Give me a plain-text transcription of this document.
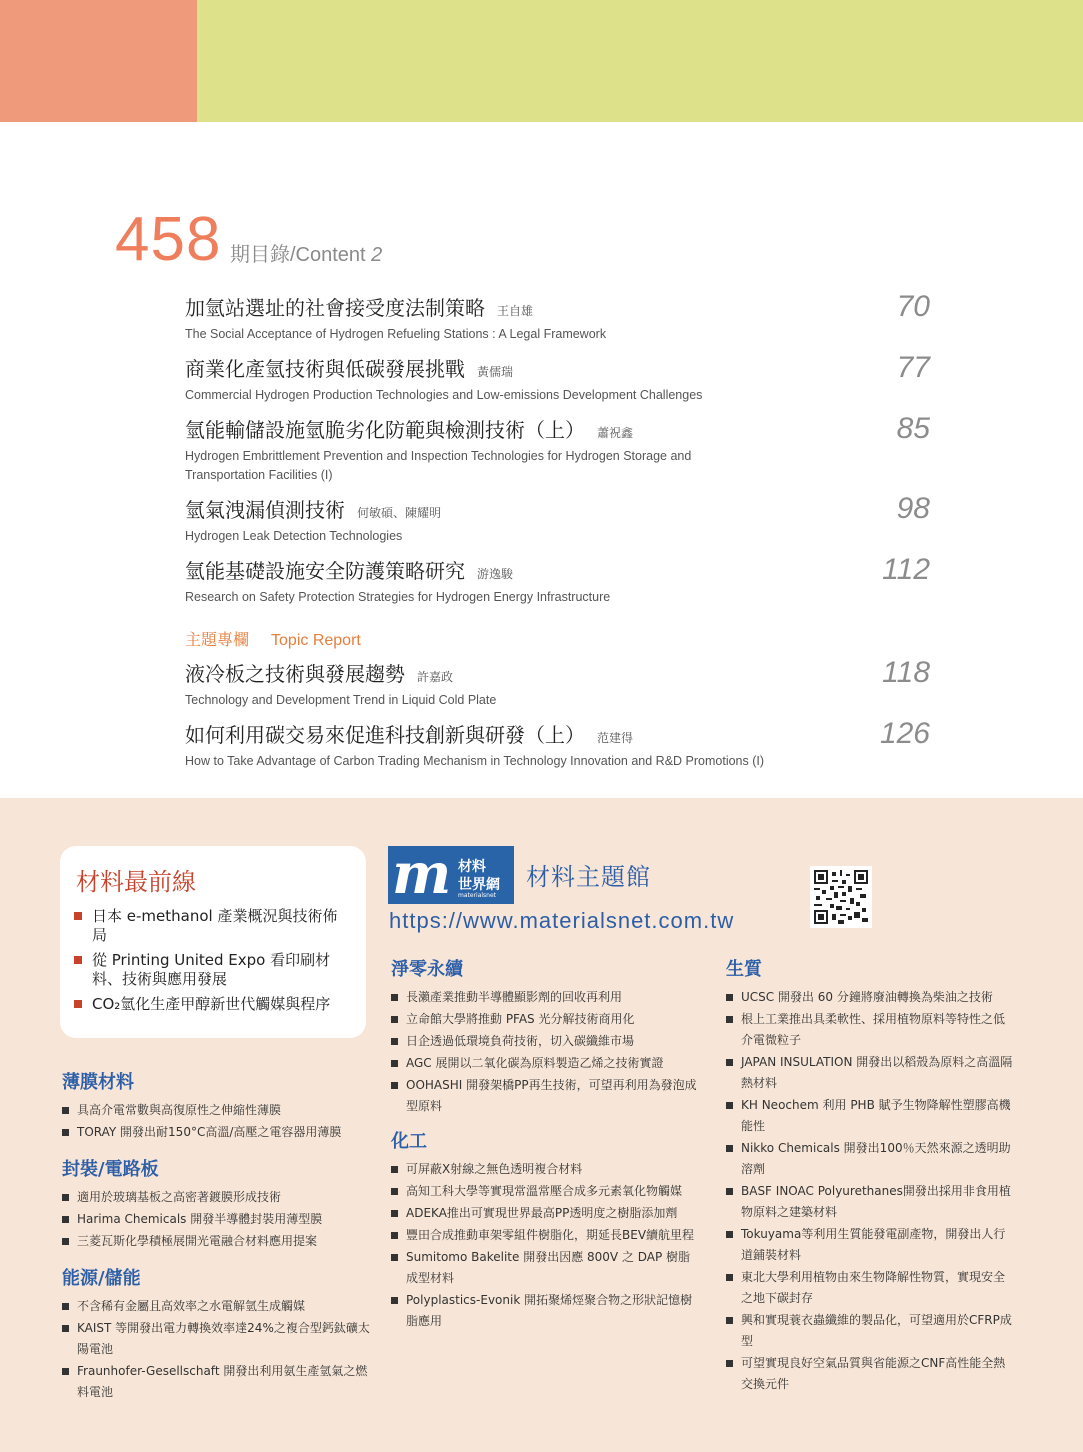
458 期目錄/Content 2
加氫站選址的社會接受度法制策略 王自雄
The Social Acceptance of Hydrogen Refueling Stations : A Legal Framework
70
商業化產氫技術與低碳發展挑戰 黃儒瑞
Commercial Hydrogen Production Technologies and Low-emissions Development Challenges
77
氫能輸儲設施氫脆劣化防範與檢測技術（上） 蕭祝鑫
Hydrogen Embrittlement Prevention and Inspection Technologies for Hydrogen Storage and Transportation Facilities (I)
85
氫氣洩漏偵測技術 何敏碩、陳耀明
Hydrogen Leak Detection Technologies
98
氫能基礎設施安全防護策略研究 游逸駿
Research on Safety Protection Strategies for Hydrogen Energy Infrastructure
112
主題專欄 Topic Report
液冷板之技術與發展趨勢 許嘉政
Technology and Development Trend in Liquid Cold Plate
118
如何利用碳交易來促進科技創新與研發（上） 范建得
How to Take Advantage of Carbon Trading Mechanism in Technology Innovation and R&D Promotions (I)
126
材料最前線
日本 e-methanol 產業概況與技術佈局
從 Printing United Expo 看印刷材料、技術與應用發展
CO₂氫化生產甲醇新世代觸媒與程序
m 材料
世界網
materialsnet
材料主題館
https://www.materialsnet.com.tw
薄膜材料
具高介電常數與高復原性之伸縮性薄膜
TORAY 開發出耐150°C高溫/高壓之電容器用薄膜
封裝/電路板
適用於玻璃基板之高密著鍍膜形成技術
Harima Chemicals 開發半導體封裝用薄型膜
三菱瓦斯化學積極展開光電融合材料應用提案
能源/儲能
不含稀有金屬且高效率之水電解氫生成觸媒
KAIST 等開發出電力轉換效率達24%之複合型鈣鈦礦太陽電池
Fraunhofer-Gesellschaft 開發出利用氨生產氫氣之燃料電池
淨零永續
長瀨產業推動半導體顯影劑的回收再利用
立命館大學將推動 PFAS 光分解技術商用化
日企透過低環境負荷技術，切入碳纖維市場
AGC 展開以二氧化碳為原料製造乙烯之技術實證
OOHASHI 開發架橋PP再生技術，可望再利用為發泡成型原料
化工
可屏蔽X射線之無色透明複合材料
高知工科大學等實現常溫常壓合成多元素氧化物觸媒
ADEKA推出可實現世界最高PP透明度之樹脂添加劑
豐田合成推動車架零組件樹脂化，期延長BEV續航里程
Sumitomo Bakelite 開發出因應 800V 之 DAP 樹脂成型材料
Polyplastics-Evonik 開拓聚烯烴聚合物之形狀記憶樹脂應用
生質
UCSC 開發出 60 分鐘將廢油轉換為柴油之技術
根上工業推出具柔軟性、採用植物原料等特性之低介電微粒子
JAPAN INSULATION 開發出以稻殼為原料之高溫隔熱材料
KH Neochem 利用 PHB 賦予生物降解性塑膠高機能性
Nikko Chemicals 開發出100％天然來源之透明助溶劑
BASF INOAC Polyurethanes開發出採用非食用植物原料之建築材料
Tokuyama等利用生質能發電副產物，開發出人行道鋪裝材料
東北大學利用植物由來生物降解性物質，實現安全之地下碳封存
興和實現蓑衣蟲纖維的製品化，可望適用於CFRP成型
可望實現良好空氣品質與省能源之CNF高性能全熱交換元件
